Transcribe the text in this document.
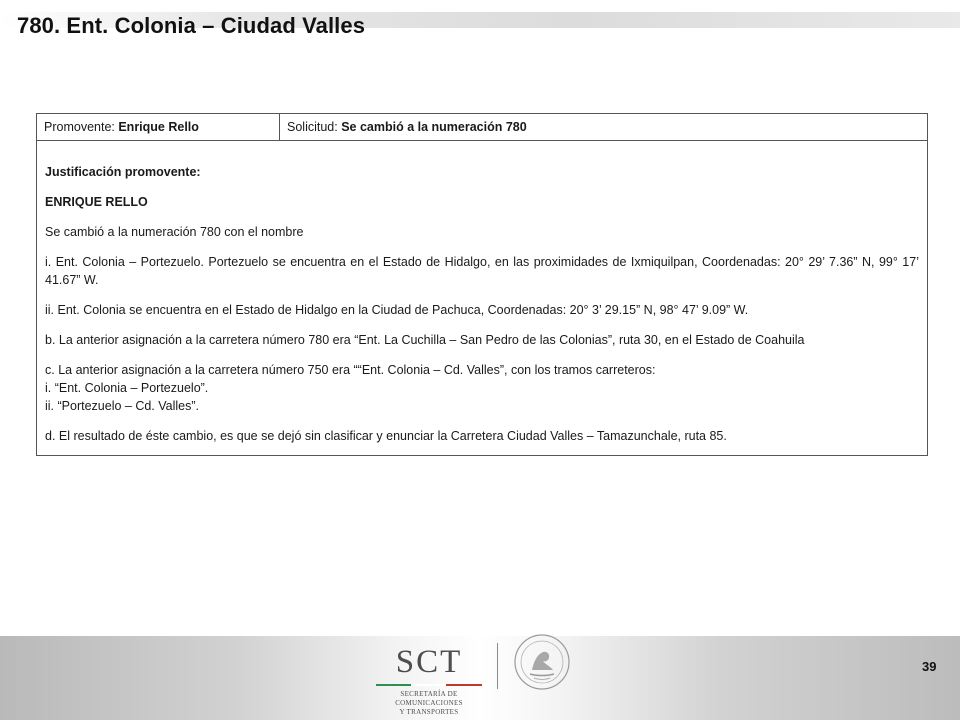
780. Ent. Colonia – Ciudad Valles
Promovente: Enrique Rello	Solicitud: Se cambió a la numeración 780

Justificación promovente:

ENRIQUE RELLO

Se cambió a la numeración 780 con el nombre

i. Ent. Colonia – Portezuelo. Portezuelo se encuentra en el Estado de Hidalgo, en las proximidades de Ixmiquilpan, Coordenadas: 20° 29’ 7.36” N, 99° 17’ 41.67” W.

ii. Ent. Colonia se encuentra en el Estado de Hidalgo en la Ciudad de Pachuca, Coordenadas: 20° 3’ 29.15” N, 98° 47’ 9.09” W.

b. La anterior asignación a la carretera número 780 era “Ent. La Cuchilla – San Pedro de las Colonias”, ruta 30, en el Estado de Coahuila

c. La anterior asignación a la carretera número 750 era ““Ent. Colonia – Cd. Valles”, con los tramos carreteros:

i. “Ent. Colonia – Portezuelo”.

ii. “Portezuelo – Cd. Valles”.

d. El resultado de éste cambio, es que se dejó sin clasificar y enunciar la Carretera Ciudad Valles – Tamazunchale, ruta 85.

SCT
SECRETARÍA DE
COMUNICACIONES
Y TRANSPORTES
39
